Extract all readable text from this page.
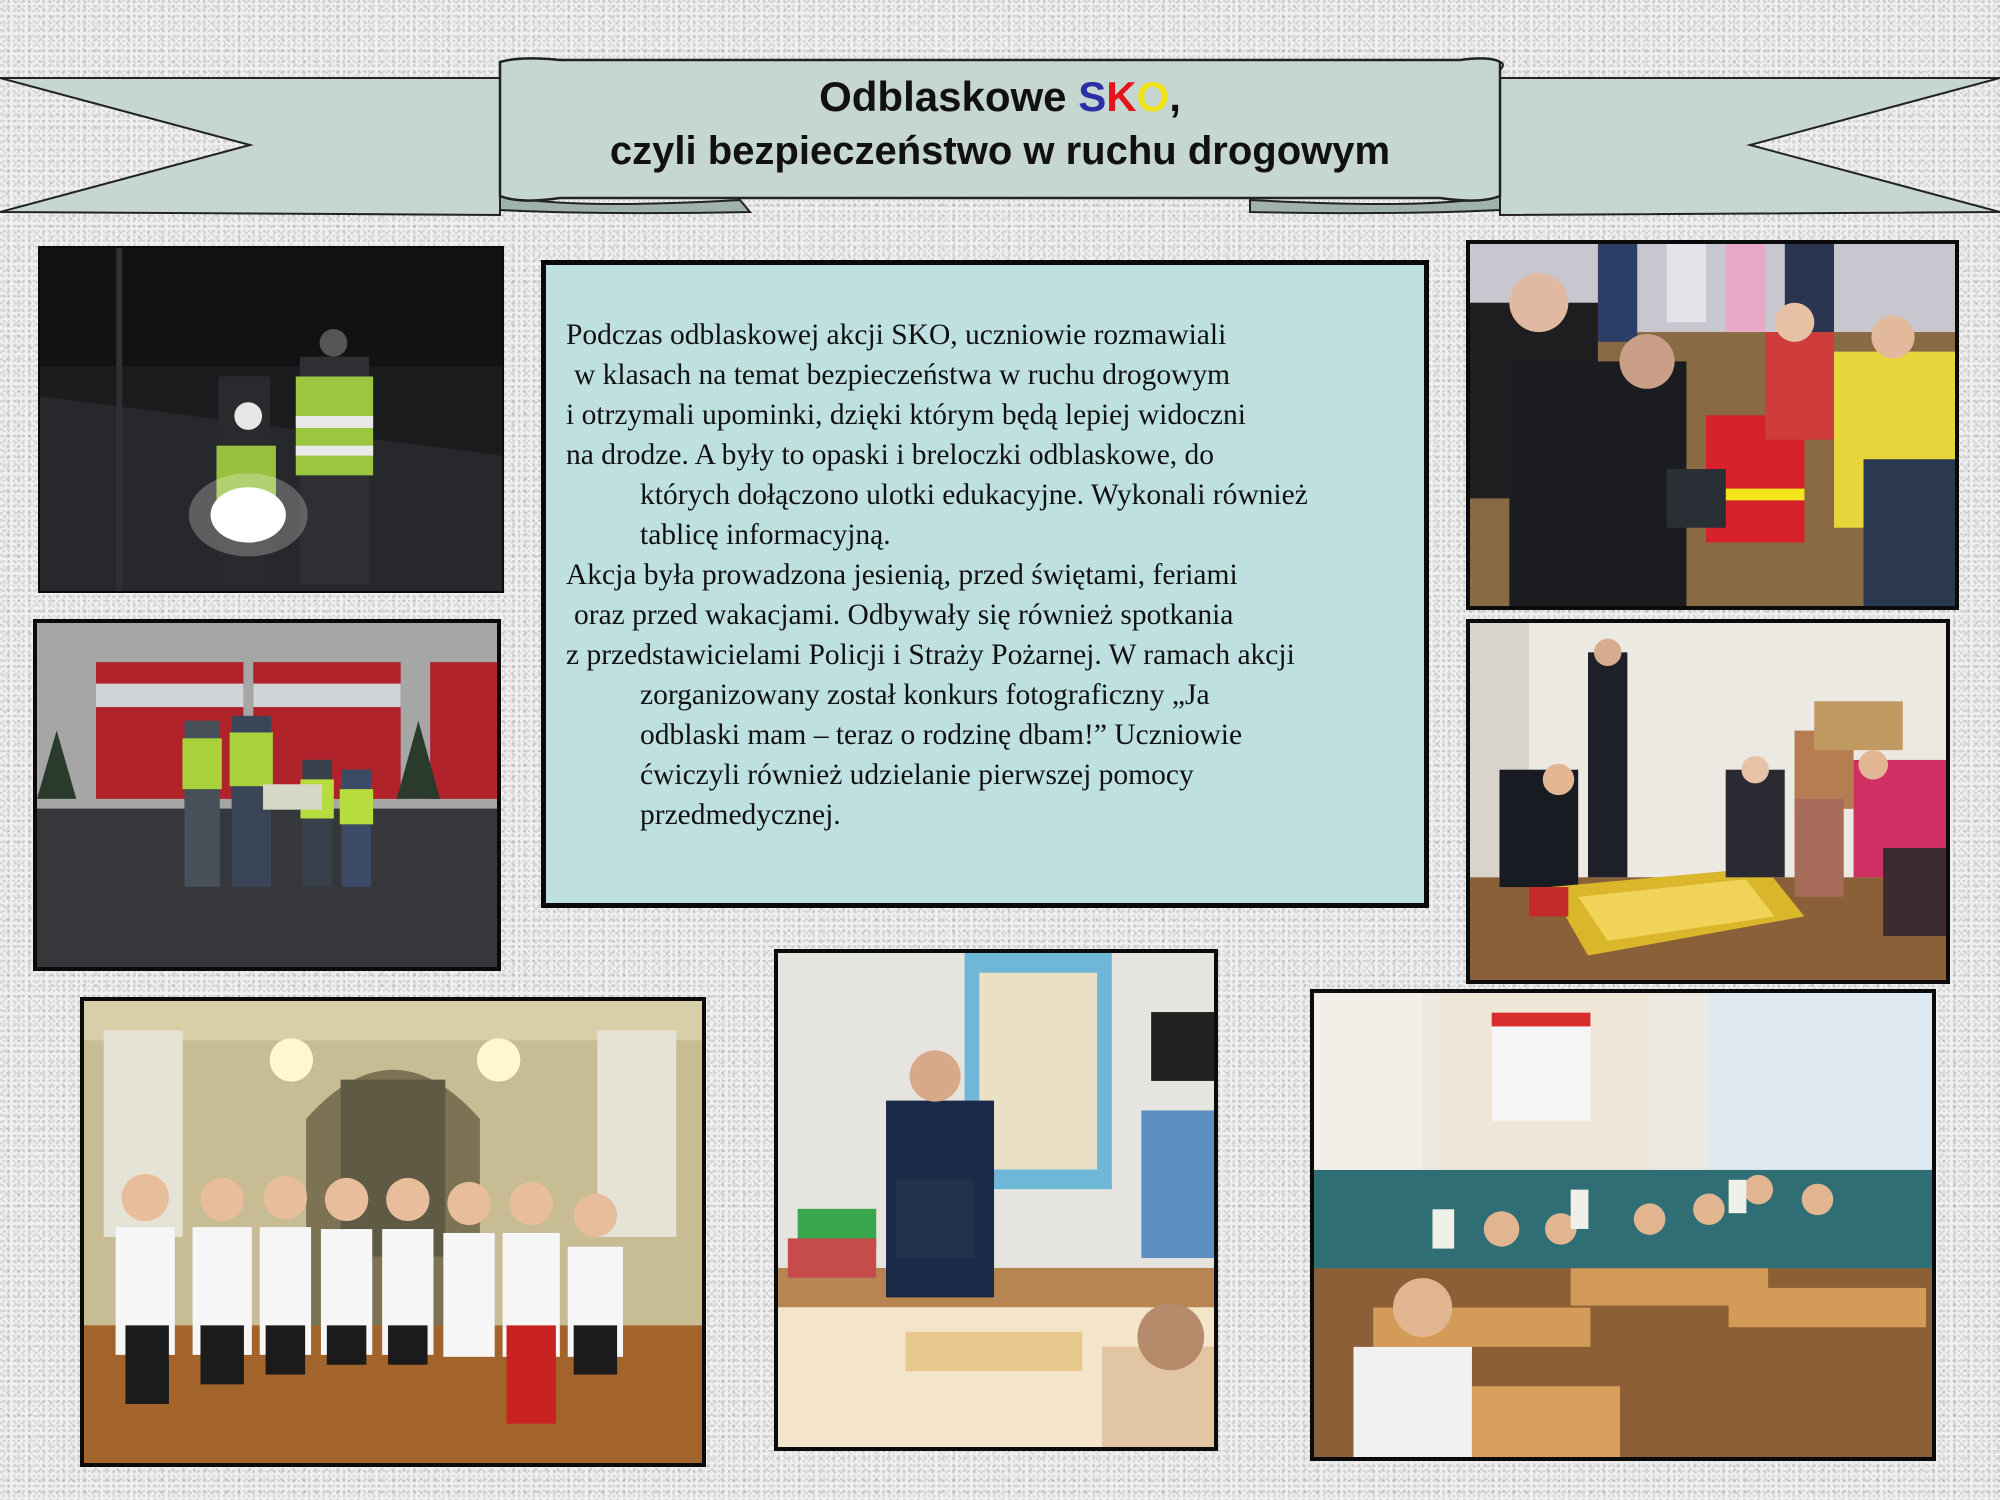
Odblaskowe SKO,
czyli bezpieczeństwo w ruchu drogowym

Podczas odblaskowej akcji SKO, uczniowie rozmawiali

w klasach na temat bezpieczeństwa w ruchu drogowym

i otrzymali upominki, dzięki którym będą lepiej widoczni

na drodze. A były to opaski i breloczki odblaskowe, do

których dołączono ulotki edukacyjne. Wykonali również

tablicę informacyjną.

Akcja była prowadzona jesienią, przed świętami, feriami

oraz przed wakacjami. Odbywały się również spotkania

z przedstawicielami Policji i Straży Pożarnej. W ramach akcji

zorganizowany został konkurs fotograficzny „Ja

odblaski mam – teraz o rodzinę dbam!” Uczniowie

ćwiczyli również udzielanie pierwszej pomocy

przedmedycznej.
